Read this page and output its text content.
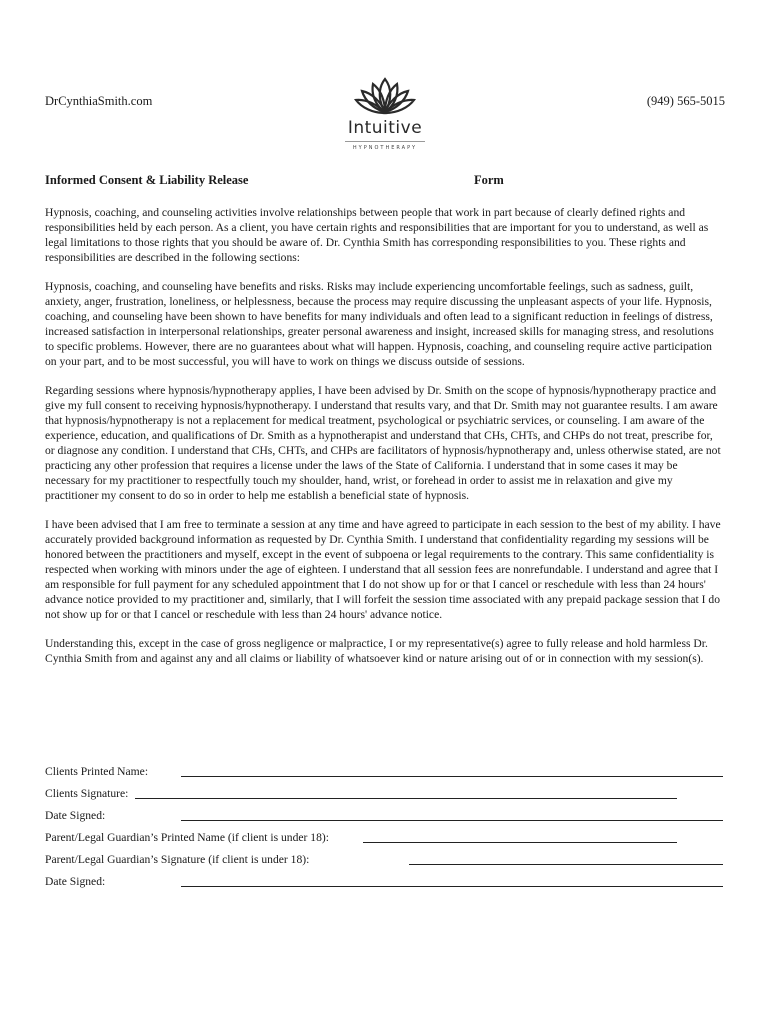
DrCynthiaSmith.com	(949) 565-5015
Intuitive
HYPNOTHERAPY
Informed Consent & Liability Release	Form

Hypnosis, coaching, and counseling activities involve relationships between people that work in part because of clearly defined rights and responsibilities held by each person. As a client, you have certain rights and responsibilities that are important for you to understand, as well as legal limitations to those rights that you should be aware of. Dr. Cynthia Smith has corresponding responsibilities to you. These rights and responsibilities are described in the following sections:

Hypnosis, coaching, and counseling have benefits and risks. Risks may include experiencing uncomfortable feelings, such as sadness, guilt, anxiety, anger, frustration, loneliness, or helplessness, because the process may require discussing the unpleasant aspects of your life. Hypnosis, coaching, and counseling have been shown to have benefits for many individuals and often lead to a significant reduction in feelings of distress, increased satisfaction in interpersonal relationships, greater personal awareness and insight, increased skills for managing stress, and resolutions to specific problems. However, there are no guarantees about what will happen. Hypnosis, coaching, and counseling require active participation on your part, and to be most successful, you will have to work on things we discuss outside of sessions.

Regarding sessions where hypnosis/hypnotherapy applies, I have been advised by Dr. Smith on the scope of hypnosis/hypnotherapy practice and give my full consent to receiving hypnosis/hypnotherapy. I understand that results vary, and that Dr. Smith may not guarantee results. I am aware that hypnosis/hypnotherapy is not a replacement for medical treatment, psychological or psychiatric services, or counseling. I am aware of the experience, education, and qualifications of Dr. Smith as a hypnotherapist and understand that CHs, CHTs, and CHPs do not treat, prescribe for, or diagnose any condition. I understand that CHs, CHTs, and CHPs are facilitators of hypnosis/hypnotherapy and, unless otherwise stated, are not practicing any other profession that requires a license under the laws of the State of California. I understand that in some cases it may be necessary for my practitioner to respectfully touch my shoulder, hand, wrist, or forehead in order to assist me in relaxation and give my practitioner my consent to do so in order to help me establish a beneficial state of hypnosis.

I have been advised that I am free to terminate a session at any time and have agreed to participate in each session to the best of my ability. I have accurately provided background information as requested by Dr. Cynthia Smith. I understand that confidentiality regarding my sessions will be honored between the practitioners and myself, except in the event of subpoena or legal requirements to the contrary. This same confidentiality is respected when working with minors under the age of eighteen. I understand that all session fees are nonrefundable. I understand and agree that I am responsible for full payment for any scheduled appointment that I do not show up for or that I cancel or reschedule with less than 24 hours' advance notice provided to my practitioner and, similarly, that I will forfeit the session time associated with any prepaid package session that I do not show up for or that I cancel or reschedule with less than 24 hours' advance notice.

Understanding this, except in the case of gross negligence or malpractice, I or my representative(s) agree to fully release and hold harmless Dr. Cynthia Smith from and against any and all claims or liability of whatsoever kind or nature arising out of or in connection with my session(s).

Clients Printed Name:
Clients Signature:
Date Signed:
Parent/Legal Guardian’s Printed Name (if client is under 18):
Parent/Legal Guardian’s Signature (if client is under 18):
Date Signed:
